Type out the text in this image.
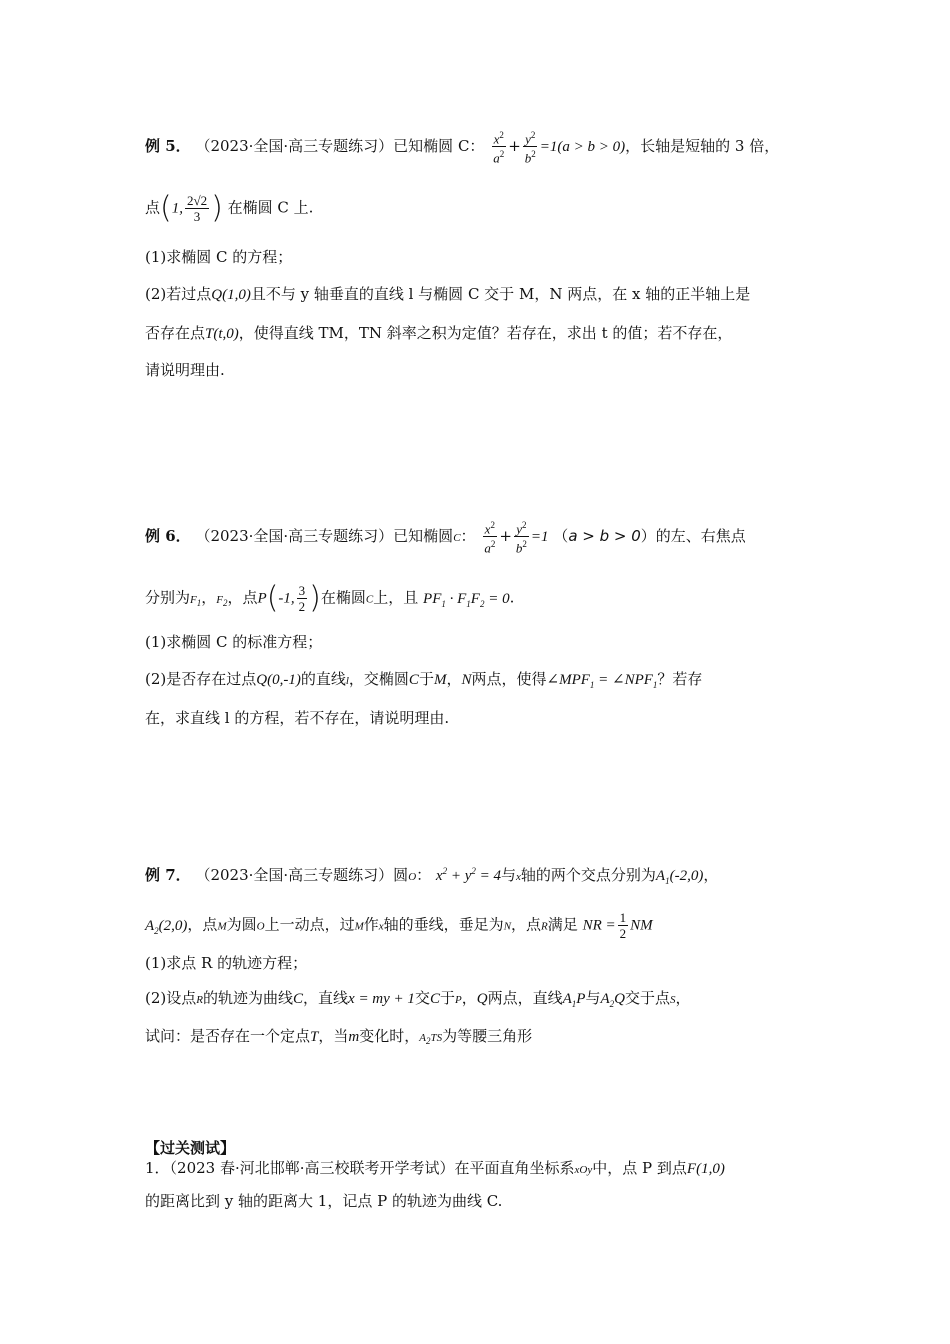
例 5． （2023·全国·高三专题练习）已知椭圆 C： $\frac{x^2}{a^2} + \frac{y^2}{b^2} =1(a > b > 0)$，长轴是短轴的 3 倍，
点(1, $\frac{2√2}{3}$ ) 在椭圆 C 上.
(1)求椭圆 C 的方程；
(2)若过点Q(1,0)且不与 y 轴垂直的直线 l 与椭圆 C 交于 M，N 两点，在 x 轴的正半轴上是
否存在点T(t,0)，使得直线 TM，TN 斜率之积为定值？若存在，求出 t 的值；若不存在，
请说明理由.
例 6． （2023·全国·高三专题练习）已知椭圆C： $\frac{x^2}{a^2} + \frac{y^2}{b^2} =1$ （a > b > 0）的左、右焦点
分别为$F_1$，$F_2$，点P(-1, $\frac{3}{2}$ )在椭圆C上，且 $PF_1 \cdot F_1F_2 = 0$.
(1)求椭圆 C 的标准方程；
(2)是否存在过点Q(0,-1)的直线l，交椭圆C于M，N两点，使得$\angle MPF_1$ = $\angle NPF_1$？若存
在，求直线 l 的方程，若不存在，请说明理由.
例 7． （2023·全国·高三专题练习）圆O： $x^2 + y^2 = 4$与x轴的两个交点分别为$A_1(-2,0)$，
$A_2(2,0)$，点M为圆O上一动点，过M作x轴的垂线，垂足为N，点R满足 NR = $\frac{1}{2}$ NM
(1)求点 R 的轨迹方程；
(2)设点R的轨迹为曲线C，直线x = my + 1交C于P，Q两点，直线$A_1P$与$A_2Q$交于点S，
试问：是否存在一个定点T，当m变化时，$A_2TS$为等腰三角形
【过关测试】
1．（2023 春·河北邯郸·高三校联考开学考试）在平面直角坐标系xOy中，点 P 到点F(1,0)
的距离比到 y 轴的距离大 1，记点 P 的轨迹为曲线 C.
